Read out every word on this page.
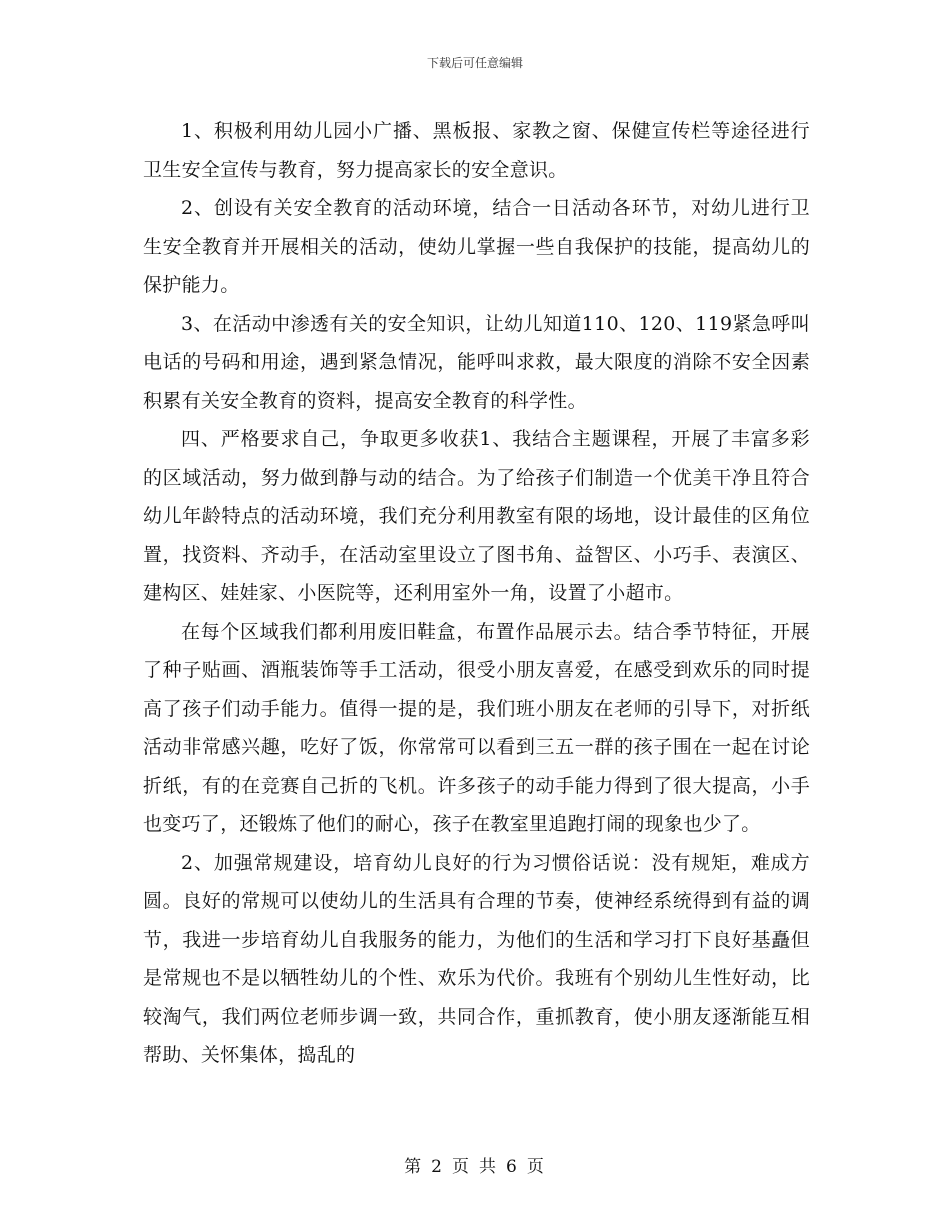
下载后可任意编辑

1、积极利用幼儿园小广播、黑板报、家教之窗、保健宣传栏等途径进行卫生安全宣传与教育，努力提高家长的安全意识。

2、创设有关安全教育的活动环境，结合一日活动各环节，对幼儿进行卫生安全教育并开展相关的活动，使幼儿掌握一些自我保护的技能，提高幼儿的保护能力。

3、在活动中渗透有关的安全知识，让幼儿知道110、120、119紧急呼叫电话的号码和用途，遇到紧急情况，能呼叫求救，最大限度的消除不安全因素积累有关安全教育的资料，提高安全教育的科学性。

四、严格要求自己，争取更多收获1、我结合主题课程，开展了丰富多彩的区域活动，努力做到静与动的结合。为了给孩子们制造一个优美干净且符合幼儿年龄特点的活动环境，我们充分利用教室有限的场地，设计最佳的区角位置，找资料、齐动手，在活动室里设立了图书角、益智区、小巧手、表演区、建构区、娃娃家、小医院等，还利用室外一角，设置了小超市。

在每个区域我们都利用废旧鞋盒，布置作品展示去。结合季节特征，开展了种子贴画、酒瓶装饰等手工活动，很受小朋友喜爱，在感受到欢乐的同时提高了孩子们动手能力。值得一提的是，我们班小朋友在老师的引导下，对折纸活动非常感兴趣，吃好了饭，你常常可以看到三五一群的孩子围在一起在讨论折纸，有的在竞赛自己折的飞机。许多孩子的动手能力得到了很大提高，小手也变巧了，还锻炼了他们的耐心，孩子在教室里追跑打闹的现象也少了。

2、加强常规建设，培育幼儿良好的行为习惯俗话说：没有规矩，难成方圆。良好的常规可以使幼儿的生活具有合理的节奏，使神经系统得到有益的调节，我进一步培育幼儿自我服务的能力，为他们的生活和学习打下良好基矗但是常规也不是以牺牲幼儿的个性、欢乐为代价。我班有个别幼儿生性好动，比较淘气，我们两位老师步调一致，共同合作，重抓教育，使小朋友逐渐能互相帮助、关怀集体，捣乱的

第 2 页 共 6 页
